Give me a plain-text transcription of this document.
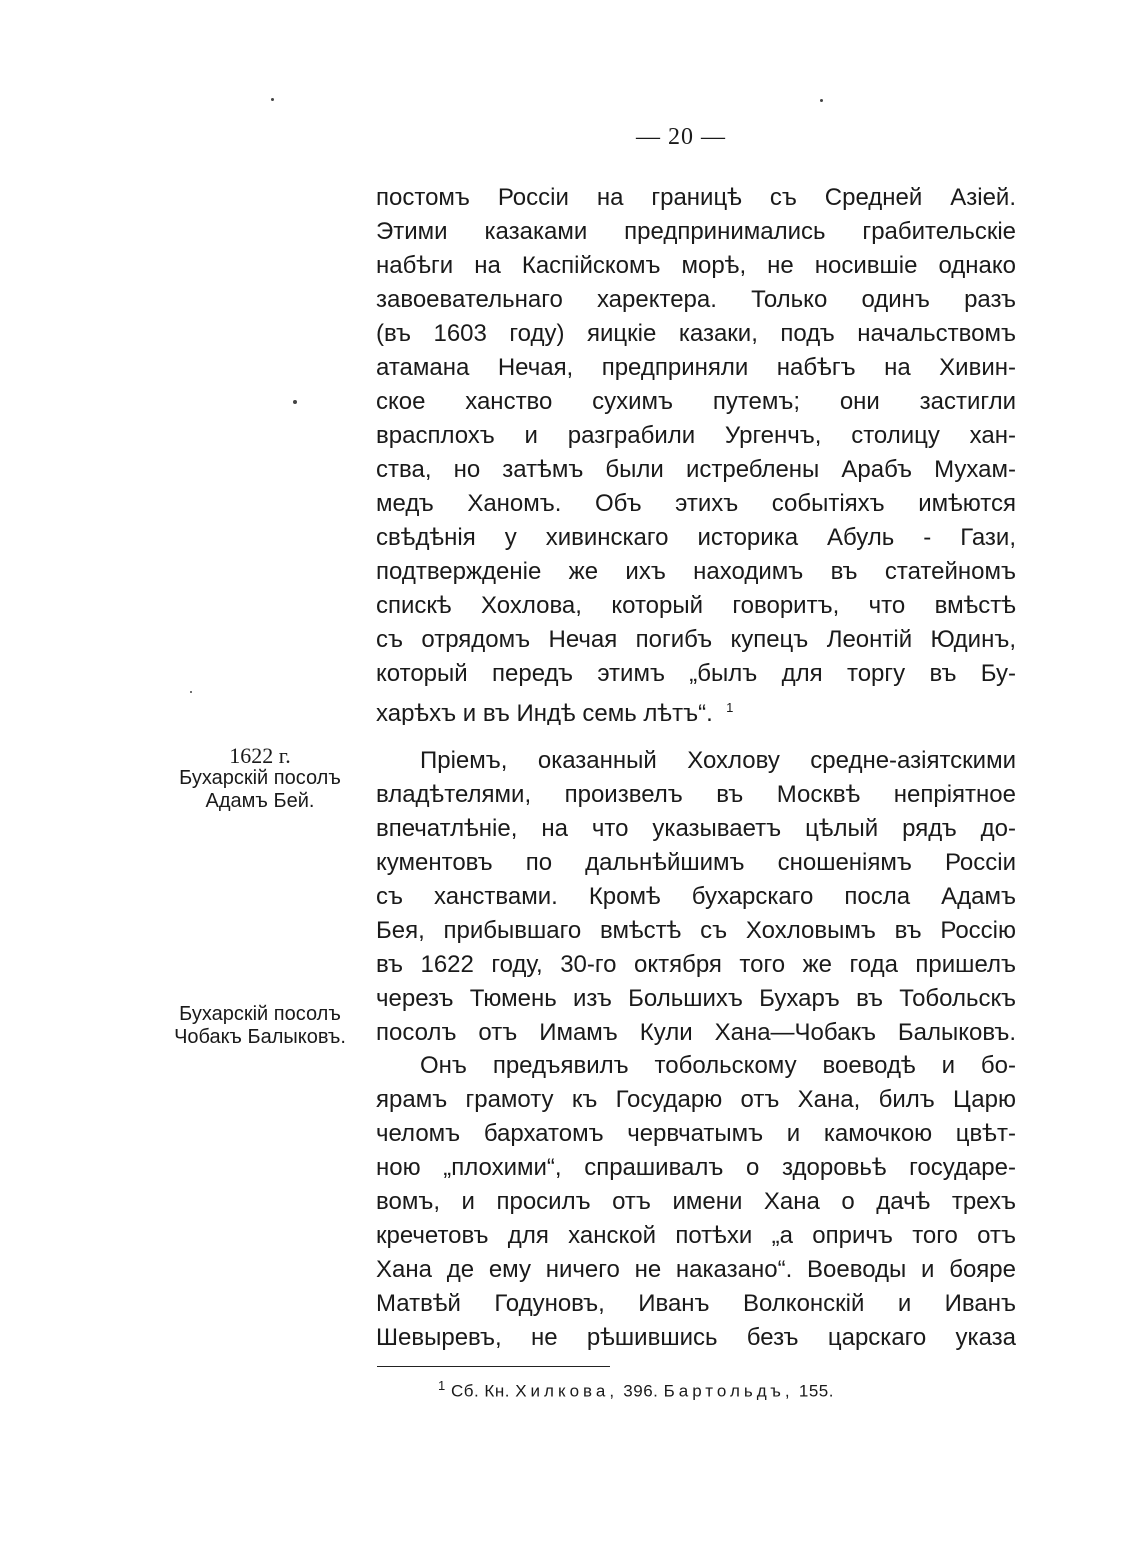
— 20 —
постомъ Россіи на границѣ съ Средней Азіей.
Этими казаками предпринимались грабительскіе
набѣги на Каспійскомъ морѣ, не носившіе однако
завоевательнаго харектера. Только одинъ разъ
(въ 1603 году) яицкіе казаки, подъ начальствомъ
атамана Нечая, предприняли набѣгъ на Хивин-
ское ханство сухимъ путемъ; они застигли
врасплохъ и разграбили Ургенчъ, столицу хан-
ства, но затѣмъ были истреблены Арабъ Мухам-
медъ Ханомъ. Объ этихъ событіяхъ имѣются
свѣдѣнія у хивинскаго историка Абуль - Гази,
подтвержденіе же ихъ находимъ въ статейномъ
спискѣ Хохлова, который говоритъ, что вмѣстѣ
съ отрядомъ Нечая погибъ купецъ Леонтій Юдинъ,
который передъ этимъ „былъ для торгу въ Бу-
харѣхъ и въ Индѣ семь лѣтъ“. $^1$
1622 г.
Бухарскій посолъ
Адамъ Бей.
Пріемъ, оказанный Хохлову средне-азіятскими
владѣтелями, произвелъ въ Москвѣ непріятное
впечатлѣніе, на что указываетъ цѣлый рядъ до-
кументовъ по дальнѣйшимъ сношеніямъ Россіи
съ ханствами. Кромѣ бухарскаго посла Адамъ
Бея, прибывшаго вмѣстѣ съ Хохловымъ въ Россію
въ 1622 году, 30-го октября того же года пришелъ
черезъ Тюмень изъ Большихъ Бухаръ въ Тобольскъ
посолъ отъ Имамъ Кули Хана—Чобакъ Балыковъ.
Бухарскій посолъ
Чобакъ Балыковъ.
Онъ предъявилъ тобольскому воеводѣ и бо-
ярамъ грамоту къ Государю отъ Хана, билъ Царю
челомъ бархатомъ червчатымъ и камочкою цвѣт-
ною „плохими“, спрашивалъ о здоровьѣ государе-
вомъ, и просилъ отъ имени Хана о дачѣ трехъ
кречетовъ для ханской потѣхи „а опричъ того отъ
Хана де ему ничего не наказано“. Воеводы и бояре
Матвѣй Годуновъ, Иванъ Волконскій и Иванъ
Шевыревъ, не рѣшившись безъ царскаго указа
$^1$ Сб. Кн. Хилкова, 396. Бартольдъ, 155.
